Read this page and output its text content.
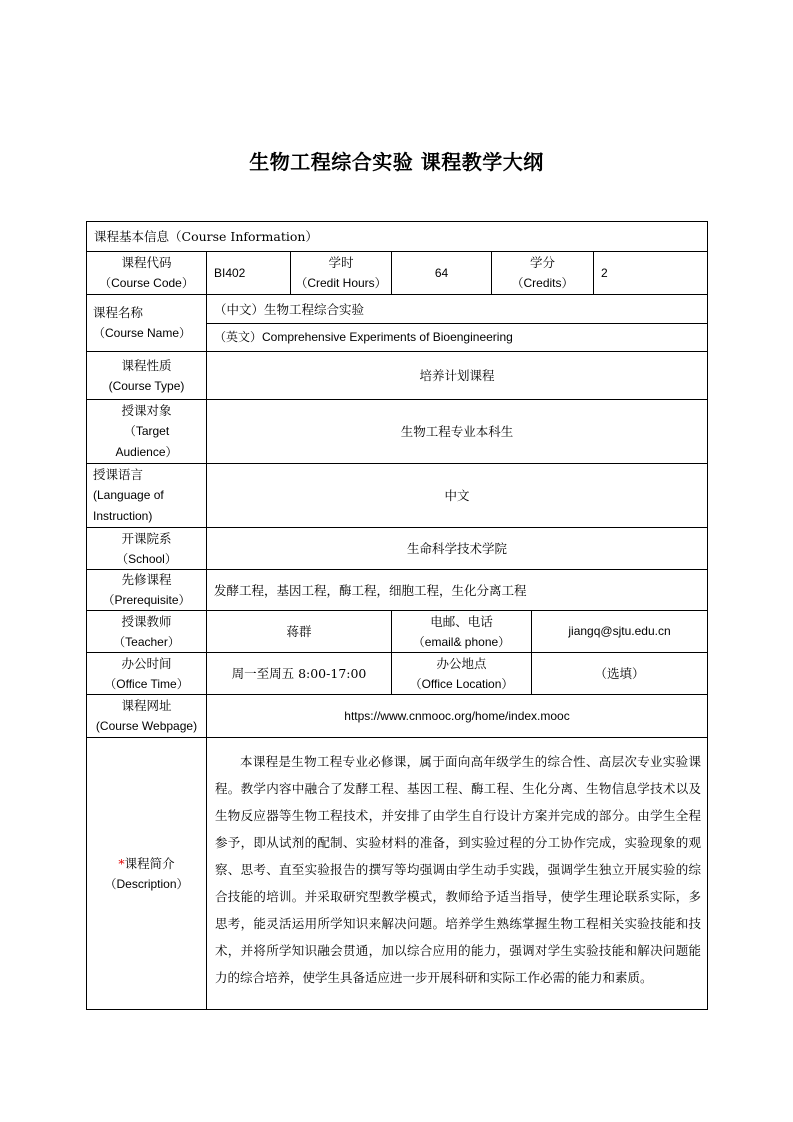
生物工程综合实验 课程教学大纲
课程基本信息（Course Information）
课程代码
（Course Code）
BI402
学时
（Credit Hours）
64
学分
（Credits）
2
课程名称
（Course Name）
（中文）生物工程综合实验
（英文）Comprehensive Experiments of Bioengineering
课程性质
(Course Type)
培养计划课程
授课对象
（Target
Audience）
生物工程专业本科生
授课语言
(Language of
Instruction)
中文
开课院系
（School）
生命科学技术学院
先修课程
（Prerequisite）
发酵工程，基因工程，酶工程，细胞工程，生化分离工程
授课教师
（Teacher）
蒋群
电邮、电话
（email& phone）
jiangq@sjtu.edu.cn
办公时间
（Office Time）
周一至周五 8:00-17:00
办公地点
（Office Location）
（选填）
课程网址
(Course Webpage)
https://www.cnmooc.org/home/index.mooc
*课程简介
（Description）
本课程是生物工程专业必修课，属于面向高年级学生的综合性、高层次专业实验课程。教学内容中融合了发酵工程、基因工程、酶工程、生化分离、生物信息学技术以及生物反应器等生物工程技术，并安排了由学生自行设计方案并完成的部分。由学生全程参予，即从试剂的配制、实验材料的准备，到实验过程的分工协作完成，实验现象的观察、思考、直至实验报告的撰写等均强调由学生动手实践，强调学生独立开展实验的综合技能的培训。并采取研究型教学模式，教师给予适当指导，使学生理论联系实际，多思考，能灵活运用所学知识来解决问题。培养学生熟练掌握生物工程相关实验技能和技术，并将所学知识融会贯通，加以综合应用的能力，强调对学生实验技能和解决问题能力的综合培养，使学生具备适应进一步开展科研和实际工作必需的能力和素质。
